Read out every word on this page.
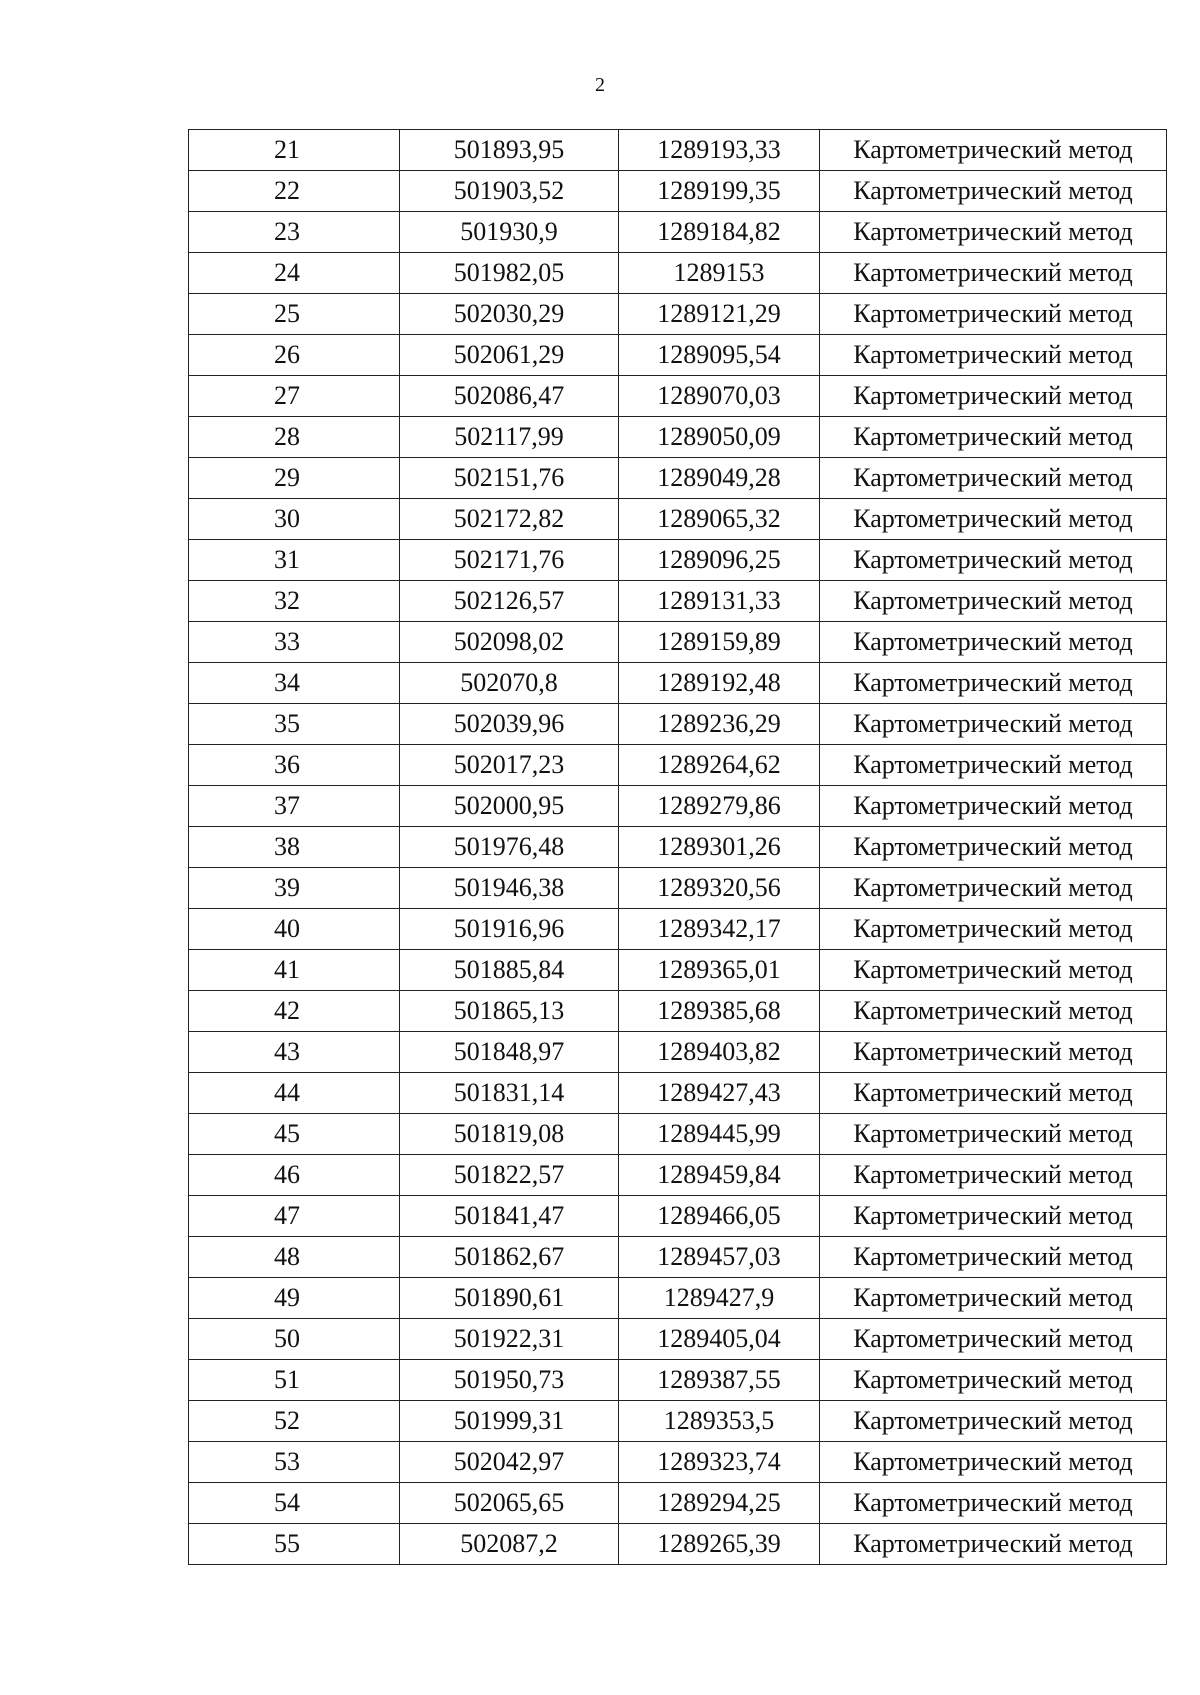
2
21	501893,95	1289193,33	Картометрический метод
22	501903,52	1289199,35	Картометрический метод
23	501930,9	1289184,82	Картометрический метод
24	501982,05	1289153	Картометрический метод
25	502030,29	1289121,29	Картометрический метод
26	502061,29	1289095,54	Картометрический метод
27	502086,47	1289070,03	Картометрический метод
28	502117,99	1289050,09	Картометрический метод
29	502151,76	1289049,28	Картометрический метод
30	502172,82	1289065,32	Картометрический метод
31	502171,76	1289096,25	Картометрический метод
32	502126,57	1289131,33	Картометрический метод
33	502098,02	1289159,89	Картометрический метод
34	502070,8	1289192,48	Картометрический метод
35	502039,96	1289236,29	Картометрический метод
36	502017,23	1289264,62	Картометрический метод
37	502000,95	1289279,86	Картометрический метод
38	501976,48	1289301,26	Картометрический метод
39	501946,38	1289320,56	Картометрический метод
40	501916,96	1289342,17	Картометрический метод
41	501885,84	1289365,01	Картометрический метод
42	501865,13	1289385,68	Картометрический метод
43	501848,97	1289403,82	Картометрический метод
44	501831,14	1289427,43	Картометрический метод
45	501819,08	1289445,99	Картометрический метод
46	501822,57	1289459,84	Картометрический метод
47	501841,47	1289466,05	Картометрический метод
48	501862,67	1289457,03	Картометрический метод
49	501890,61	1289427,9	Картометрический метод
50	501922,31	1289405,04	Картометрический метод
51	501950,73	1289387,55	Картометрический метод
52	501999,31	1289353,5	Картометрический метод
53	502042,97	1289323,74	Картометрический метод
54	502065,65	1289294,25	Картометрический метод
55	502087,2	1289265,39	Картометрический метод
